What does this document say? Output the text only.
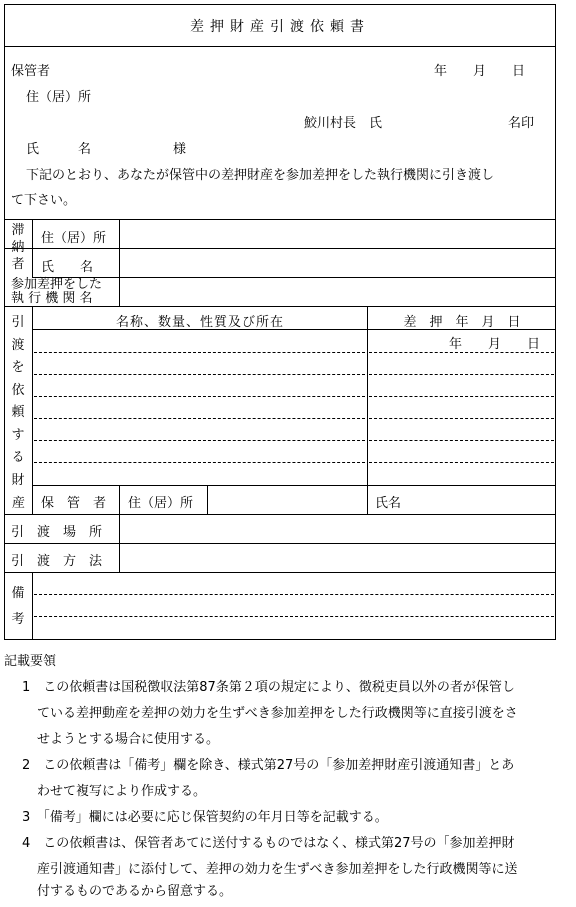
差押財産引渡依頼書
保管者	年　　月　　日
住（居）所
鮫川村長　氏	名印
氏　　　名	様
下記のとおり、あなたが保管中の差押財産を参加差押をした執行機関に引き渡し
て下さい。
滞
納
者
住（居）所
氏　　名
参加差押をした
執 行 機 関 名
引
渡
を
依
頼
す
る
財
産
名称、数量、性質及び所在	差　押　年　月　日
年　　月　　日
保　管　者 住（居）所	氏名
引　渡　場　所
引　渡　方　法
備
考
記載要領
1　この依頼書は国税徴収法第87条第２項の規定により、徴税吏員以外の者が保管し
ている差押動産を差押の効力を生ずべき参加差押をした行政機関等に直接引渡をさ
せようとする場合に使用する。
2　この依頼書は「備考」欄を除き、様式第27号の「参加差押財産引渡通知書」とあ
わせて複写により作成する。
3　「備考」欄には必要に応じ保管契約の年月日等を記載する。
4　この依頼書は、保管者あてに送付するものではなく、様式第27号の「参加差押財
産引渡通知書」に添付して、差押の効力を生ずべき参加差押をした行政機関等に送
付するものであるから留意する。
